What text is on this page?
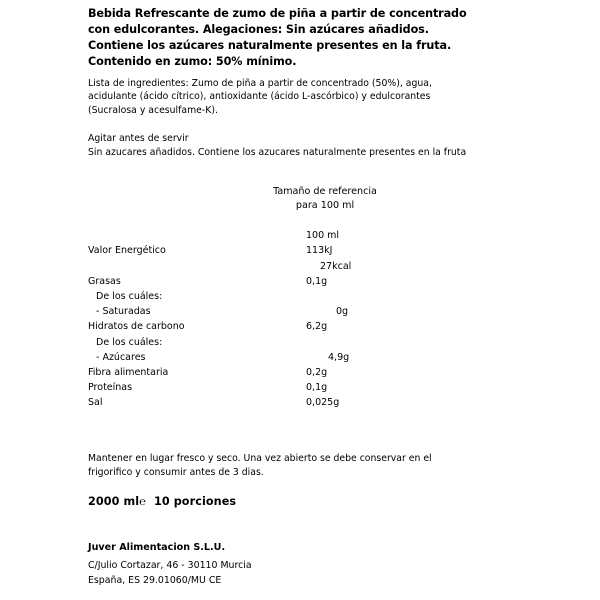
Bebida Refrescante de zumo de piña a partir de concentrado
con edulcorantes. Alegaciones: Sin azúcares añadidos.
Contiene los azúcares naturalmente presentes en la fruta.
Contenido en zumo: 50% mínimo.
Lista de ingredientes: Zumo de piña a partir de concentrado (50%), agua,
acidulante (ácido cítrico), antioxidante (ácido L-ascórbico) y edulcorantes
(Sucralosa y acesulfame-K).
Agitar antes de servir
Sin azucares añadidos. Contiene los azucares naturalmente presentes en la fruta
Tamaño de referencia
para 100 ml
100 ml
Valor Energético	113kJ
27kcal
Grasas	0,1g
De los cuáles:
- Saturadas	0g
Hidratos de carbono	6,2g
De los cuáles:
- Azúcares	4,9g
Fibra alimentaria	0,2g
Proteínas	0,1g
Sal	0,025g
Mantener en lugar fresco y seco. Una vez abierto se debe conservar en el
frigorifico y consumir antes de 3 dias.
2000 ml℮ 10 porciones
Juver Alimentacion S.L.U.
C/Julio Cortazar, 46 - 30110 Murcia
España, ES 29.01060/MU CE
